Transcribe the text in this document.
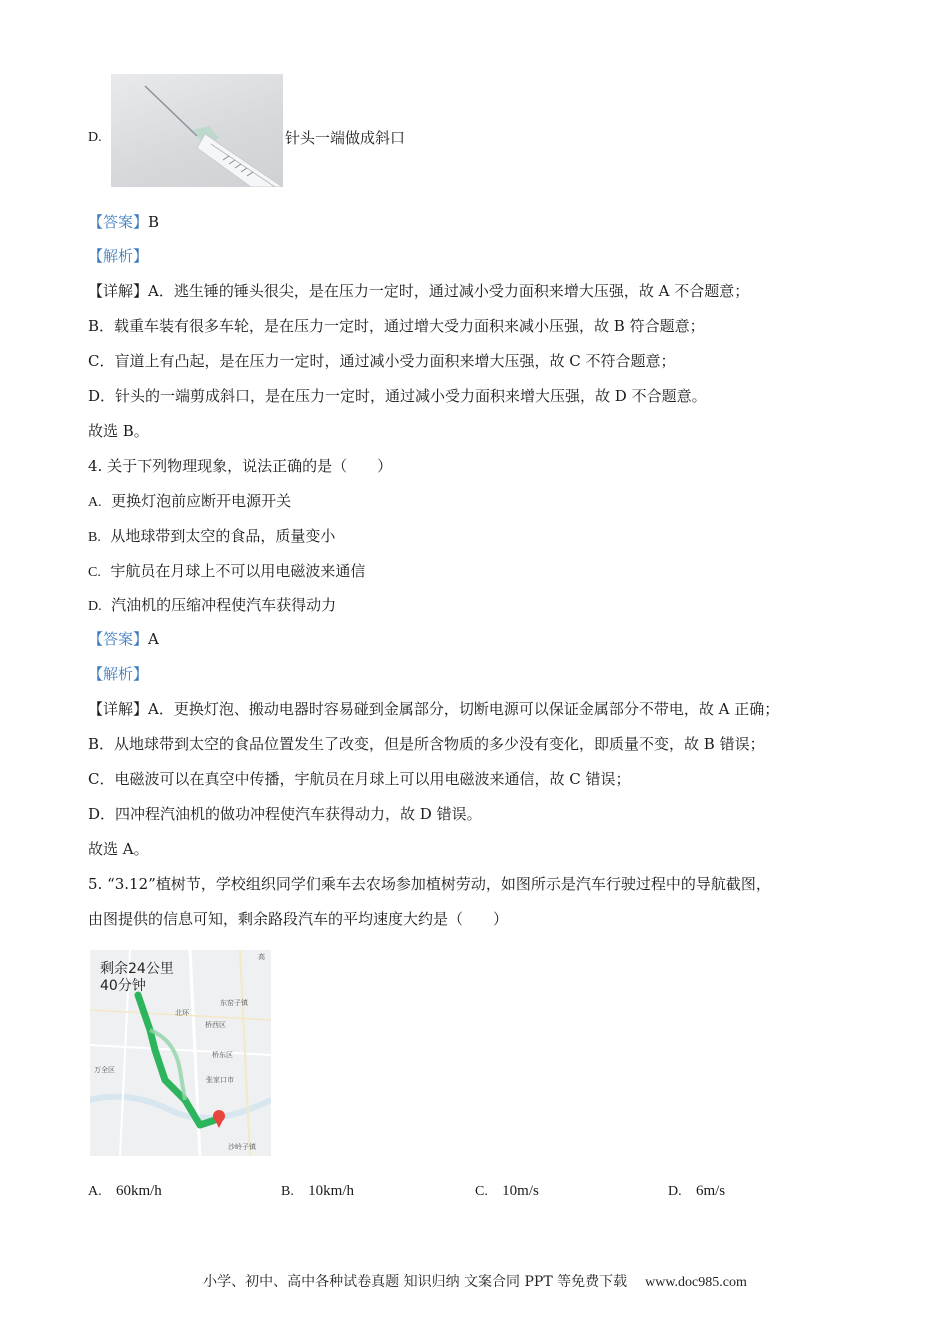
D.	针头一端做成斜口
【答案】B
【解析】
【详解】A．逃生锤的锤头很尖，是在压力一定时，通过减小受力面积来增大压强，故 A 不合题意；
B．载重车装有很多车轮，是在压力一定时，通过增大受力面积来减小压强，故 B 符合题意；
C．盲道上有凸起，是在压力一定时，通过减小受力面积来增大压强，故 C 不符合题意；
D．针头的一端剪成斜口，是在压力一定时，通过减小受力面积来增大压强，故 D 不合题意。
故选 B。
4. 关于下列物理现象，说法正确的是（　　）
A. 更换灯泡前应断开电源开关
B. 从地球带到太空的食品，质量变小
C. 宇航员在月球上不可以用电磁波来通信
D. 汽油机的压缩冲程使汽车获得动力
【答案】A
【解析】
【详解】A．更换灯泡、搬动电器时容易碰到金属部分，切断电源可以保证金属部分不带电，故 A 正确；
B．从地球带到太空的食品位置发生了改变，但是所含物质的多少没有变化，即质量不变，故 B 错误；
C．电磁波可以在真空中传播，宇航员在月球上可以用电磁波来通信，故 C 错误；
D．四冲程汽油机的做功冲程使汽车获得动力，故 D 错误。
故选 A。
5. “3.12”植树节，学校组织同学们乘车去农场参加植树劳动，如图所示是汽车行驶过程中的导航截图，
由图提供的信息可知，剩余路段汽车的平均速度大约是（　　）
剩余24公里
40分钟
东窑子镇
北环
桥西区
桥东区
万全区
张家口市
沙岭子镇
高
A. 60km/h	B. 10km/h	C. 10m/s	D. 6m/s
小学、初中、高中各种试卷真题 知识归纳 文案合同 PPT 等免费下载 www.doc985.com
